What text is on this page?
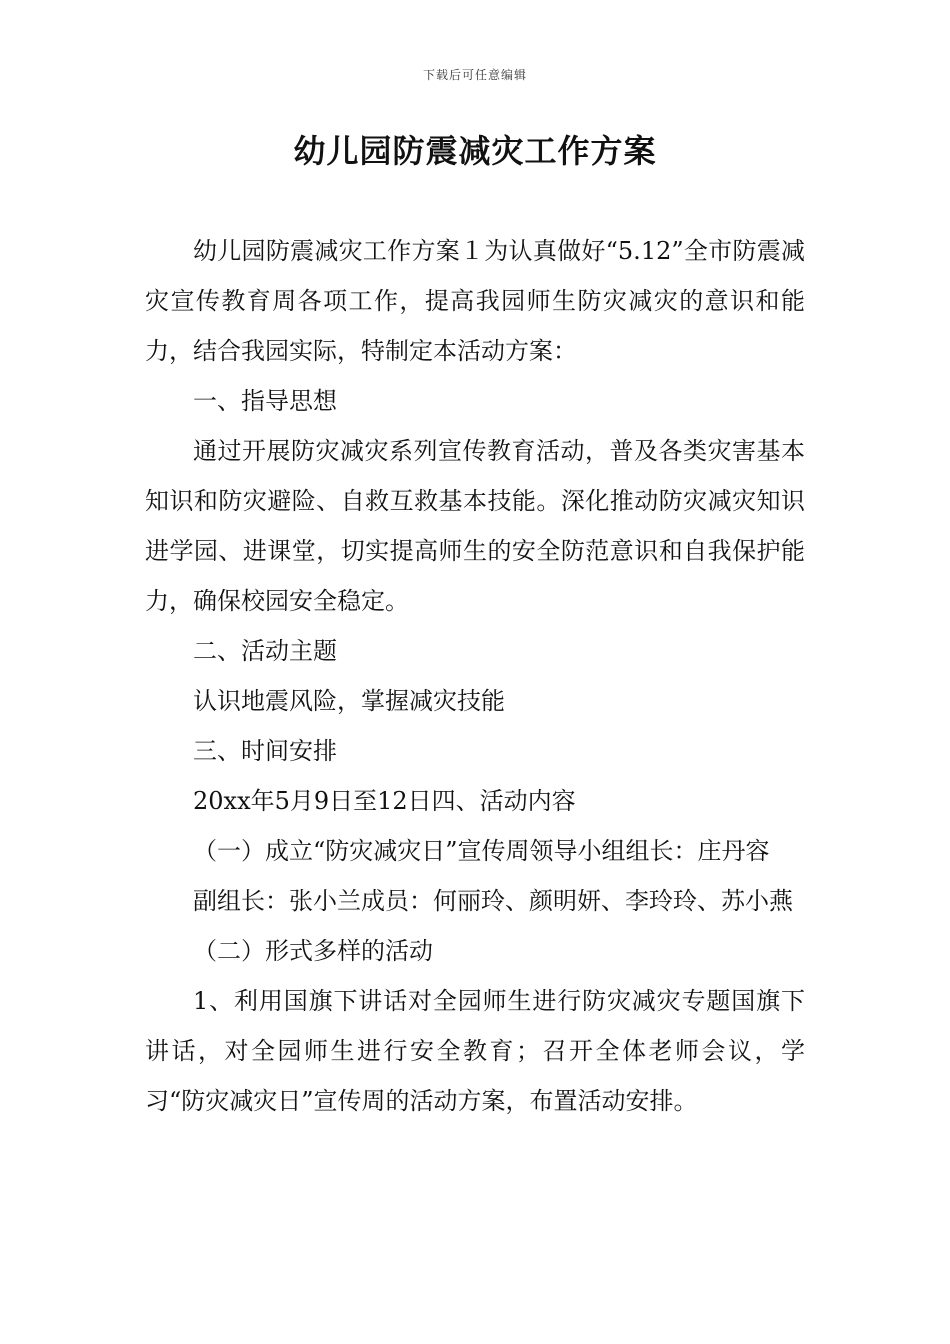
下载后可任意编辑
幼儿园防震减灾工作方案

幼儿园防震减灾工作方案１为认真做好“5.12”全市防震减灾宣传教育周各项工作，提高我园师生防灾减灾的意识和能力，结合我园实际，特制定本活动方案：

一、指导思想

通过开展防灾减灾系列宣传教育活动，普及各类灾害基本知识和防灾避险、自救互救基本技能。深化推动防灾减灾知识进学园、进课堂，切实提高师生的安全防范意识和自我保护能力，确保校园安全稳定。

二、活动主题

认识地震风险，掌握减灾技能

三、时间安排

20xx年5月9日至12日四、活动内容

（一）成立“防灾减灾日”宣传周领导小组组长：庄丹容

副组长：张小兰成员：何丽玲、颜明妍、李玲玲、苏小燕

（二）形式多样的活动

1、利用国旗下讲话对全园师生进行防灾减灾专题国旗下讲话，对全园师生进行安全教育；召开全体老师会议，学习“防灾减灾日”宣传周的活动方案，布置活动安排。
